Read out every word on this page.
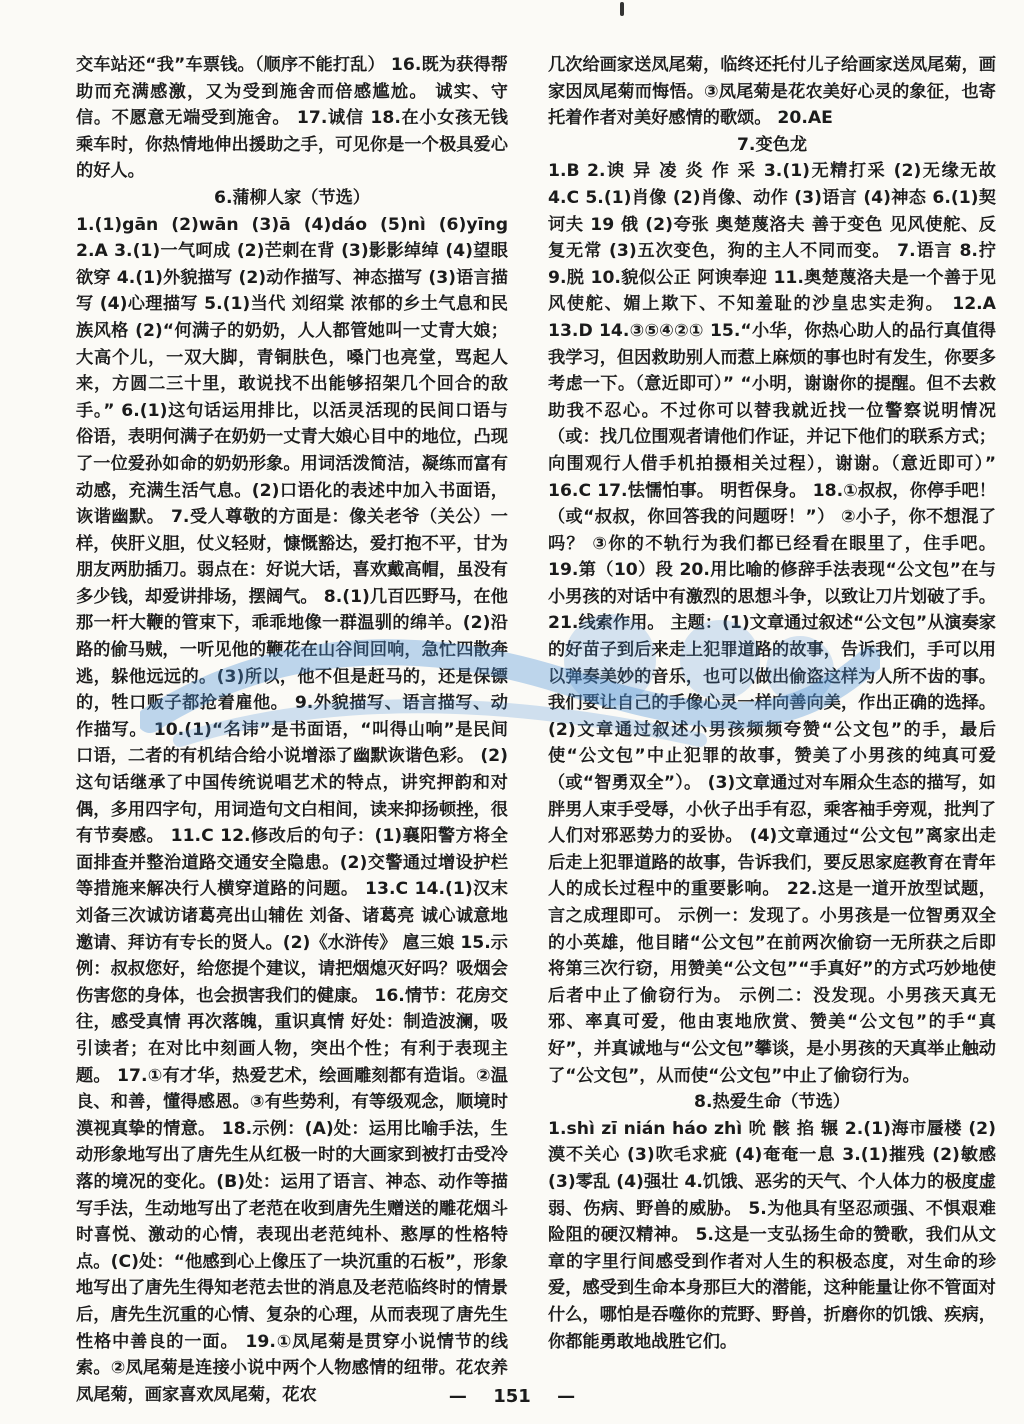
交车站还“我”车票钱。（顺序不能打乱） 16.既为获得帮助而充满感激，又为受到施舍而倍感尴尬。 诚实、守信。不愿意无端受到施舍。 17.诚信 18.在小女孩无钱乘车时，你热情地伸出援助之手，可见你是一个极具爱心的好人。

6.蒲柳人家（节选）

1.(1)gān (2)wān (3)ā (4)dáo (5)nì (6)yīng 2.A 3.(1)一气呵成 (2)芒刺在背 (3)影影绰绰 (4)望眼欲穿 4.(1)外貌描写 (2)动作描写、神态描写 (3)语言描写 (4)心理描写 5.(1)当代 刘绍棠 浓郁的乡土气息和民族风格 (2)“何满子的奶奶，人人都管她叫一丈青大娘；大高个儿，一双大脚，青铜肤色，嗓门也亮堂，骂起人来，方圆二三十里，敢说找不出能够招架几个回合的敌手。” 6.(1)这句话运用排比，以活灵活现的民间口语与俗语，表明何满子在奶奶一丈青大娘心目中的地位，凸现了一位爱孙如命的奶奶形象。用词活泼简洁，凝练而富有动感，充满生活气息。(2)口语化的表述中加入书面语，诙谐幽默。 7.受人尊敬的方面是：像关老爷（关公）一样，侠肝义胆，仗义轻财，慷慨豁达，爱打抱不平，甘为朋友两肋插刀。弱点在：好说大话，喜欢戴高帽，虽没有多少钱，却爱讲排场，摆阔气。 8.(1)几百匹野马，在他那一杆大鞭的管束下，乖乖地像一群温驯的绵羊。(2)沿路的偷马贼，一听见他的鞭花在山谷间回响，急忙四散奔逃，躲他远远的。(3)所以，他不但是赶马的，还是保镖的，牲口贩子都抢着雇他。 9.外貌描写、语言描写、动作描写。 10.(1)“名讳”是书面语，“叫得山响”是民间口语，二者的有机结合给小说增添了幽默诙谐色彩。 (2)这句话继承了中国传统说唱艺术的特点，讲究押韵和对偶，多用四字句，用词造句文白相间，读来抑扬顿挫，很有节奏感。 11.C 12.修改后的句子：(1)襄阳警方将全面排查并整治道路交通安全隐患。(2)交警通过增设护栏等措施来解决行人横穿道路的问题。 13.C 14.(1)汉末刘备三次诚访诸葛亮出山辅佐 刘备、诸葛亮 诚心诚意地邀请、拜访有专长的贤人。(2)《水浒传》 扈三娘 15.示例：叔叔您好，给您提个建议，请把烟熄灭好吗？吸烟会伤害您的身体，也会损害我们的健康。 16.情节：花房交往，感受真情 再次落魄，重识真情 好处：制造波澜，吸引读者；在对比中刻画人物，突出个性；有利于表现主题。 17.①有才华，热爱艺术，绘画雕刻都有造诣。②温良、和善，懂得感恩。③有些势利，有等级观念，顺境时漠视真挚的情意。 18.示例：(A)处：运用比喻手法，生动形象地写出了唐先生从红极一时的大画家到被打击受冷落的境况的变化。(B)处：运用了语言、神态、动作等描写手法，生动地写出了老范在收到唐先生赠送的雕花烟斗时喜悦、激动的心情，表现出老范纯朴、憨厚的性格特点。(C)处：“他感到心上像压了一块沉重的石板”，形象地写出了唐先生得知老范去世的消息及老范临终时的情景后，唐先生沉重的心情、复杂的心理，从而表现了唐先生性格中善良的一面。 19.①凤尾菊是贯穿小说情节的线索。②凤尾菊是连接小说中两个人物感情的纽带。花农养凤尾菊，画家喜欢凤尾菊，花农

几次给画家送凤尾菊，临终还托付儿子给画家送凤尾菊，画家因凤尾菊而悔悟。③凤尾菊是花农美好心灵的象征，也寄托着作者对美好感情的歌颂。 20.AE

7.变色龙

1.B 2.谀 异 凌 炎 作 采 3.(1)无精打采 (2)无缘无故 4.C 5.(1)肖像 (2)肖像、动作 (3)语言 (4)神态 6.(1)契诃夫 19 俄 (2)夸张 奥楚蔑洛夫 善于变色 见风使舵、反复无常 (3)五次变色，狗的主人不同而变。 7.语言 8.拧 9.脱 10.貌似公正 阿谀奉迎 11.奥楚蔑洛夫是一个善于见风使舵、媚上欺下、不知羞耻的沙皇忠实走狗。 12.A 13.D 14.③⑤④②① 15.“小华，你热心助人的品行真值得我学习，但因救助别人而惹上麻烦的事也时有发生，你要多考虑一下。（意近即可）” “小明，谢谢你的提醒。但不去救助我不忍心。不过你可以替我就近找一位警察说明情况（或：找几位围观者请他们作证，并记下他们的联系方式；向围观行人借手机拍摄相关过程），谢谢。（意近即可）” 16.C 17.怯懦怕事。 明哲保身。 18.①叔叔，你停手吧！（或“叔叔，你回答我的问题呀！”） ②小子，你不想混了吗？ ③你的不轨行为我们都已经看在眼里了，住手吧。 19.第（10）段 20.用比喻的修辞手法表现“公文包”在与小男孩的对话中有激烈的思想斗争，以致让刀片划破了手。 21.线索作用。 主题：(1)文章通过叙述“公文包”从演奏家的好苗子到后来走上犯罪道路的故事，告诉我们，手可以用以弹奏美妙的音乐，也可以做出偷盗这样为人所不齿的事。我们要让自己的手像心灵一样向善向美，作出正确的选择。 (2)文章通过叙述小男孩频频夸赞“公文包”的手，最后使“公文包”中止犯罪的故事，赞美了小男孩的纯真可爱（或“智勇双全”）。 (3)文章通过对车厢众生态的描写，如胖男人束手受辱，小伙子出手有忍，乘客袖手旁观，批判了人们对邪恶势力的妥协。 (4)文章通过“公文包”离家出走后走上犯罪道路的故事，告诉我们，要反思家庭教育在青年人的成长过程中的重要影响。 22.这是一道开放型试题，言之成理即可。 示例一：发现了。小男孩是一位智勇双全的小英雄，他目睹“公文包”在前两次偷窃一无所获之后即将第三次行窃，用赞美“公文包”“手真好”的方式巧妙地使后者中止了偷窃行为。 示例二：没发现。小男孩天真无邪、率真可爱，他由衷地欣赏、赞美“公文包”的手“真好”，并真诚地与“公文包”攀谈，是小男孩的天真举止触动了“公文包”，从而使“公文包”中止了偷窃行为。

8.热爱生命（节选）

1.shì zī nián háo zhì 吮 骸 掐 辗 2.(1)海市蜃楼 (2)漠不关心 (3)吹毛求疵 (4)奄奄一息 3.(1)摧残 (2)敏感 (3)零乱 (4)强壮 4.饥饿、恶劣的天气、个人体力的极度虚弱、伤病、野兽的威胁。 5.为他具有坚忍顽强、不惧艰难险阻的硬汉精神。 5.这是一支弘扬生命的赞歌，我们从文章的字里行间感受到作者对人生的积极态度，对生命的珍爱，感受到生命本身那巨大的潜能，这种能量让你不管面对什么，哪怕是吞噬你的荒野、野兽，折磨你的饥饿、疾病，你都能勇敢地战胜它们。

— 151 —
